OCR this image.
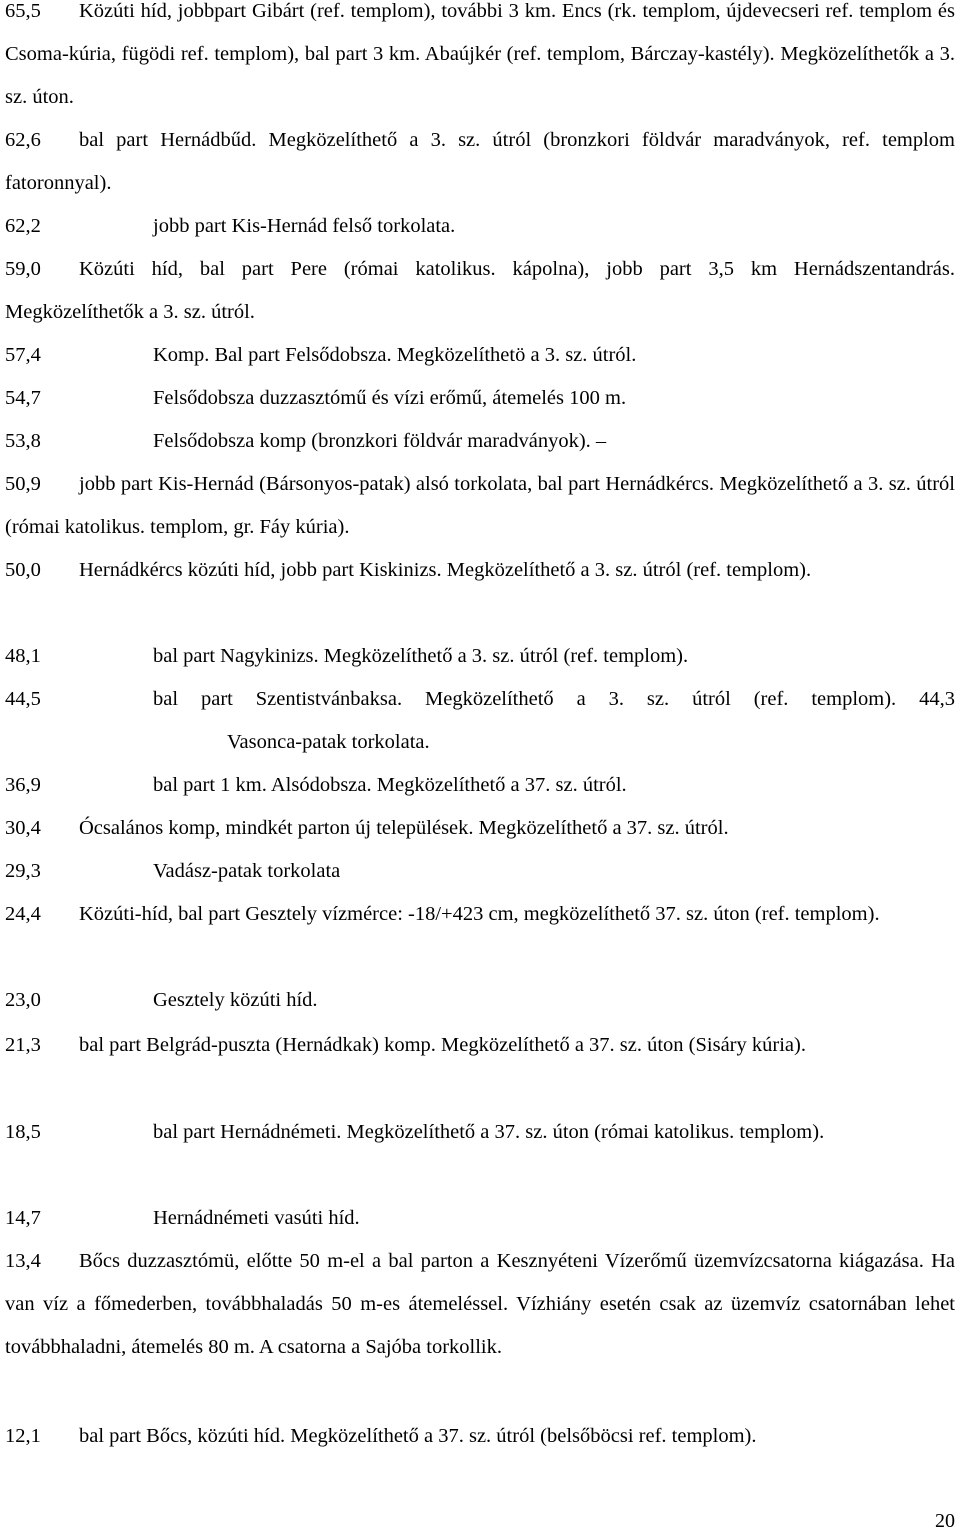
65,5 Közúti híd, jobbpart Gibárt (ref. templom), további 3 km. Encs (rk. templom, újdevecseri ref. templom és Csoma-kúria, fügödi ref. templom), bal part 3 km. Abaújkér (ref. templom, Bárczay-kastély). Megközelíthetők a 3. sz. úton.
62,6 bal part Hernádbűd. Megközelíthető a 3. sz. útról (bronzkori földvár maradványok, ref. templom fatoronnyal).
62,2	jobb part Kis-Hernád felső torkolata.
59,0 Közúti híd, bal part Pere (római katolikus. kápolna), jobb part 3,5 km Hernádszentandrás. Megközelíthetők a 3. sz. útról.
57,4	Komp. Bal part Felsődobsza. Megközelíthetö a 3. sz. útról.
54,7	Felsődobsza duzzasztómű és vízi erőmű, átemelés 100 m.
53,8	Felsődobsza komp (bronzkori földvár maradványok). –
50,9 jobb part Kis-Hernád (Bársonyos-patak) alsó torkolata, bal part Hernádkércs. Megközelíthető a 3. sz. útról (római katolikus. templom, gr. Fáy kúria).
50,0 Hernádkércs közúti híd, jobb part Kiskinizs. Megközelíthető a 3. sz. útról (ref. templom).
48,1	bal part Nagykinizs. Megközelíthető a 3. sz. útról (ref. templom).
44,5	bal part Szentistvánbaksa. Megközelíthető a 3. sz. útról (ref. templom). 44,3
Vasonca-patak torkolata.
36,9	bal part 1 km. Alsódobsza. Megközelíthető a 37. sz. útról.
30,4 Ócsalános komp, mindkét parton új települések. Megközelíthető a 37. sz. útról.
29,3	Vadász-patak torkolata
24,4 Közúti-híd, bal part Gesztely vízmérce: -18/+423 cm, megközelíthető 37. sz. úton (ref. templom).
23,0	Gesztely közúti híd.
21,3 bal part Belgrád-puszta (Hernádkak) komp. Megközelíthető a 37. sz. úton (Sisáry kúria).
18,5	bal part Hernádnémeti. Megközelíthető a 37. sz. úton (római katolikus. templom).
14,7	Hernádnémeti vasúti híd.
13,4 Bőcs duzzasztómü, előtte 50 m-el a bal parton a Kesznyéteni Vízerőmű üzemvízcsatorna kiágazása. Ha van víz a főmederben, továbbhaladás 50 m-es átemeléssel. Vízhiány esetén csak az üzemvíz csatornában lehet továbbhaladni, átemelés 80 m. A csatorna a Sajóba torkollik.
12,1 bal part Bőcs, közúti híd. Megközelíthető a 37. sz. útról (belsőböcsi ref. templom).
20
